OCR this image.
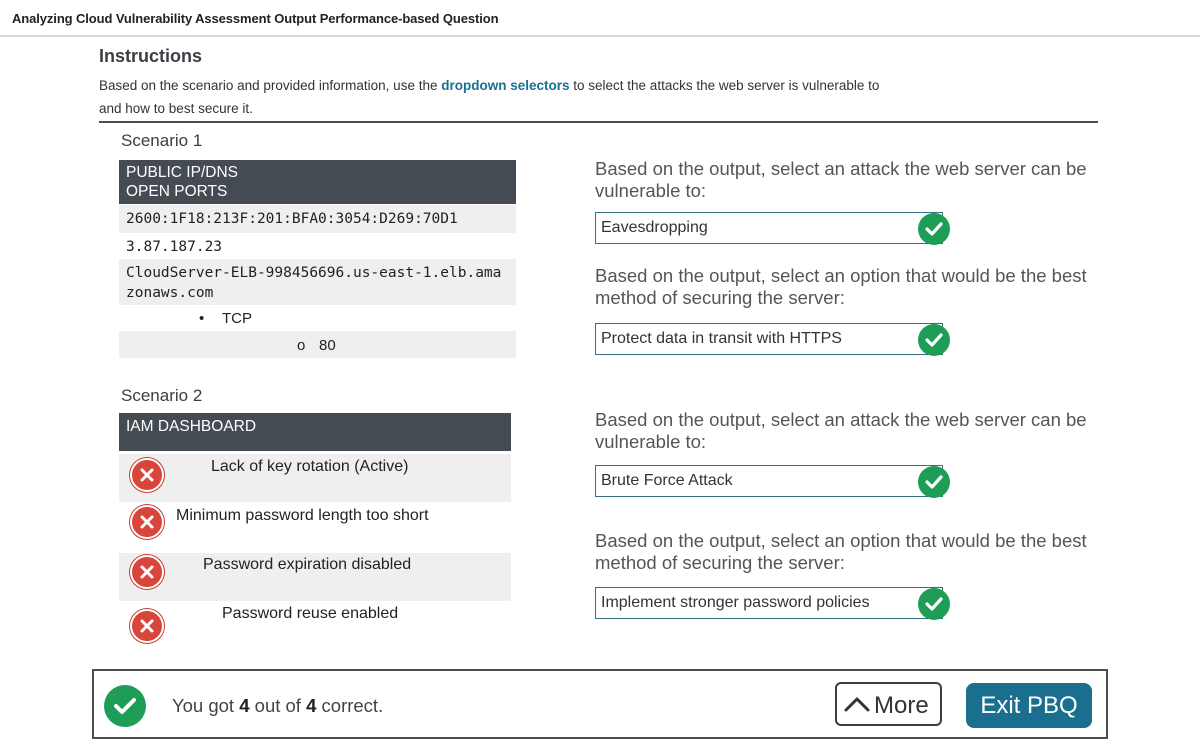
Analyzing Cloud Vulnerability Assessment Output Performance-based Question
Instructions
Based on the scenario and provided information, use the dropdown selectors to select the attacks the web server is vulnerable to and how to best secure it.
Scenario 1
PUBLIC IP/DNS
OPEN PORTS
2600:1F18:213F:201:BFA0:3054:D269:70D1
3.87.187.23
CloudServer-ELB-998456696.us-east-1.elb.amazonaws.com
• TCP
o 80
Scenario 2
IAM DASHBOARD
Lack of key rotation (Active)
Minimum password length too short
Password expiration disabled
Password reuse enabled
Based on the output, select an attack the web server can be vulnerable to:
Eavesdropping
Based on the output, select an option that would be the best method of securing the server:
Protect data in transit with HTTPS
Based on the output, select an attack the web server can be vulnerable to:
Brute Force Attack
Based on the output, select an option that would be the best method of securing the server:
Implement stronger password policies
You got 4 out of 4 correct.	More	Exit PBQ
